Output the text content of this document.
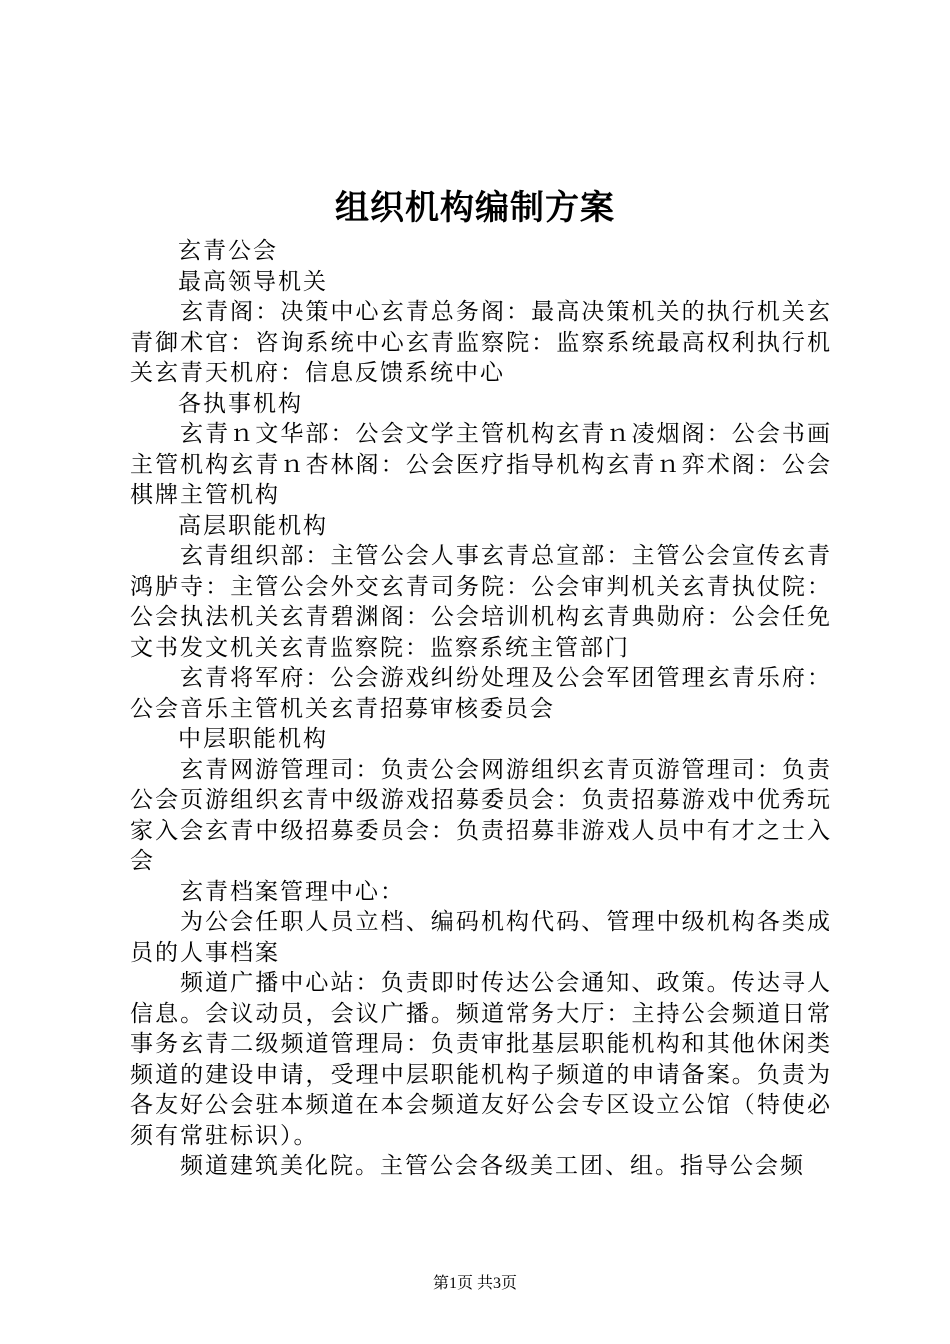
组织机构编制方案

玄青公会

最高领导机关

玄青阁：决策中心玄青总务阁：最高决策机关的执行机关玄青御术官：咨询系统中心玄青监察院：监察系统最高权利执行机关玄青天机府：信息反馈系统中心

各执事机构

玄青ｎ文华部：公会文学主管机构玄青ｎ凌烟阁：公会书画主管机构玄青ｎ杏林阁：公会医疗指导机构玄青ｎ弈术阁：公会棋牌主管机构

高层职能机构

玄青组织部：主管公会人事玄青总宣部：主管公会宣传玄青鸿胪寺：主管公会外交玄青司务院：公会审判机关玄青执仗院：公会执法机关玄青碧渊阁：公会培训机构玄青典勋府：公会任免文书发文机关玄青监察院：监察系统主管部门

玄青将军府：公会游戏纠纷处理及公会军团管理玄青乐府：公会音乐主管机关玄青招募审核委员会

中层职能机构

玄青网游管理司：负责公会网游组织玄青页游管理司：负责公会页游组织玄青中级游戏招募委员会：负责招募游戏中优秀玩家入会玄青中级招募委员会：负责招募非游戏人员中有才之士入会

玄青档案管理中心：

为公会任职人员立档、编码机构代码、管理中级机构各类成员的人事档案

频道广播中心站：负责即时传达公会通知、政策。传达寻人信息。会议动员，会议广播。频道常务大厅：主持公会频道日常事务玄青二级频道管理局：负责审批基层职能机构和其他休闲类频道的建设申请，受理中层职能机构子频道的申请备案。负责为各友好公会驻本频道在本会频道友好公会专区设立公馆（特使必须有常驻标识）。

频道建筑美化院。主管公会各级美工团、组。指导公会频

第1页 共3页
